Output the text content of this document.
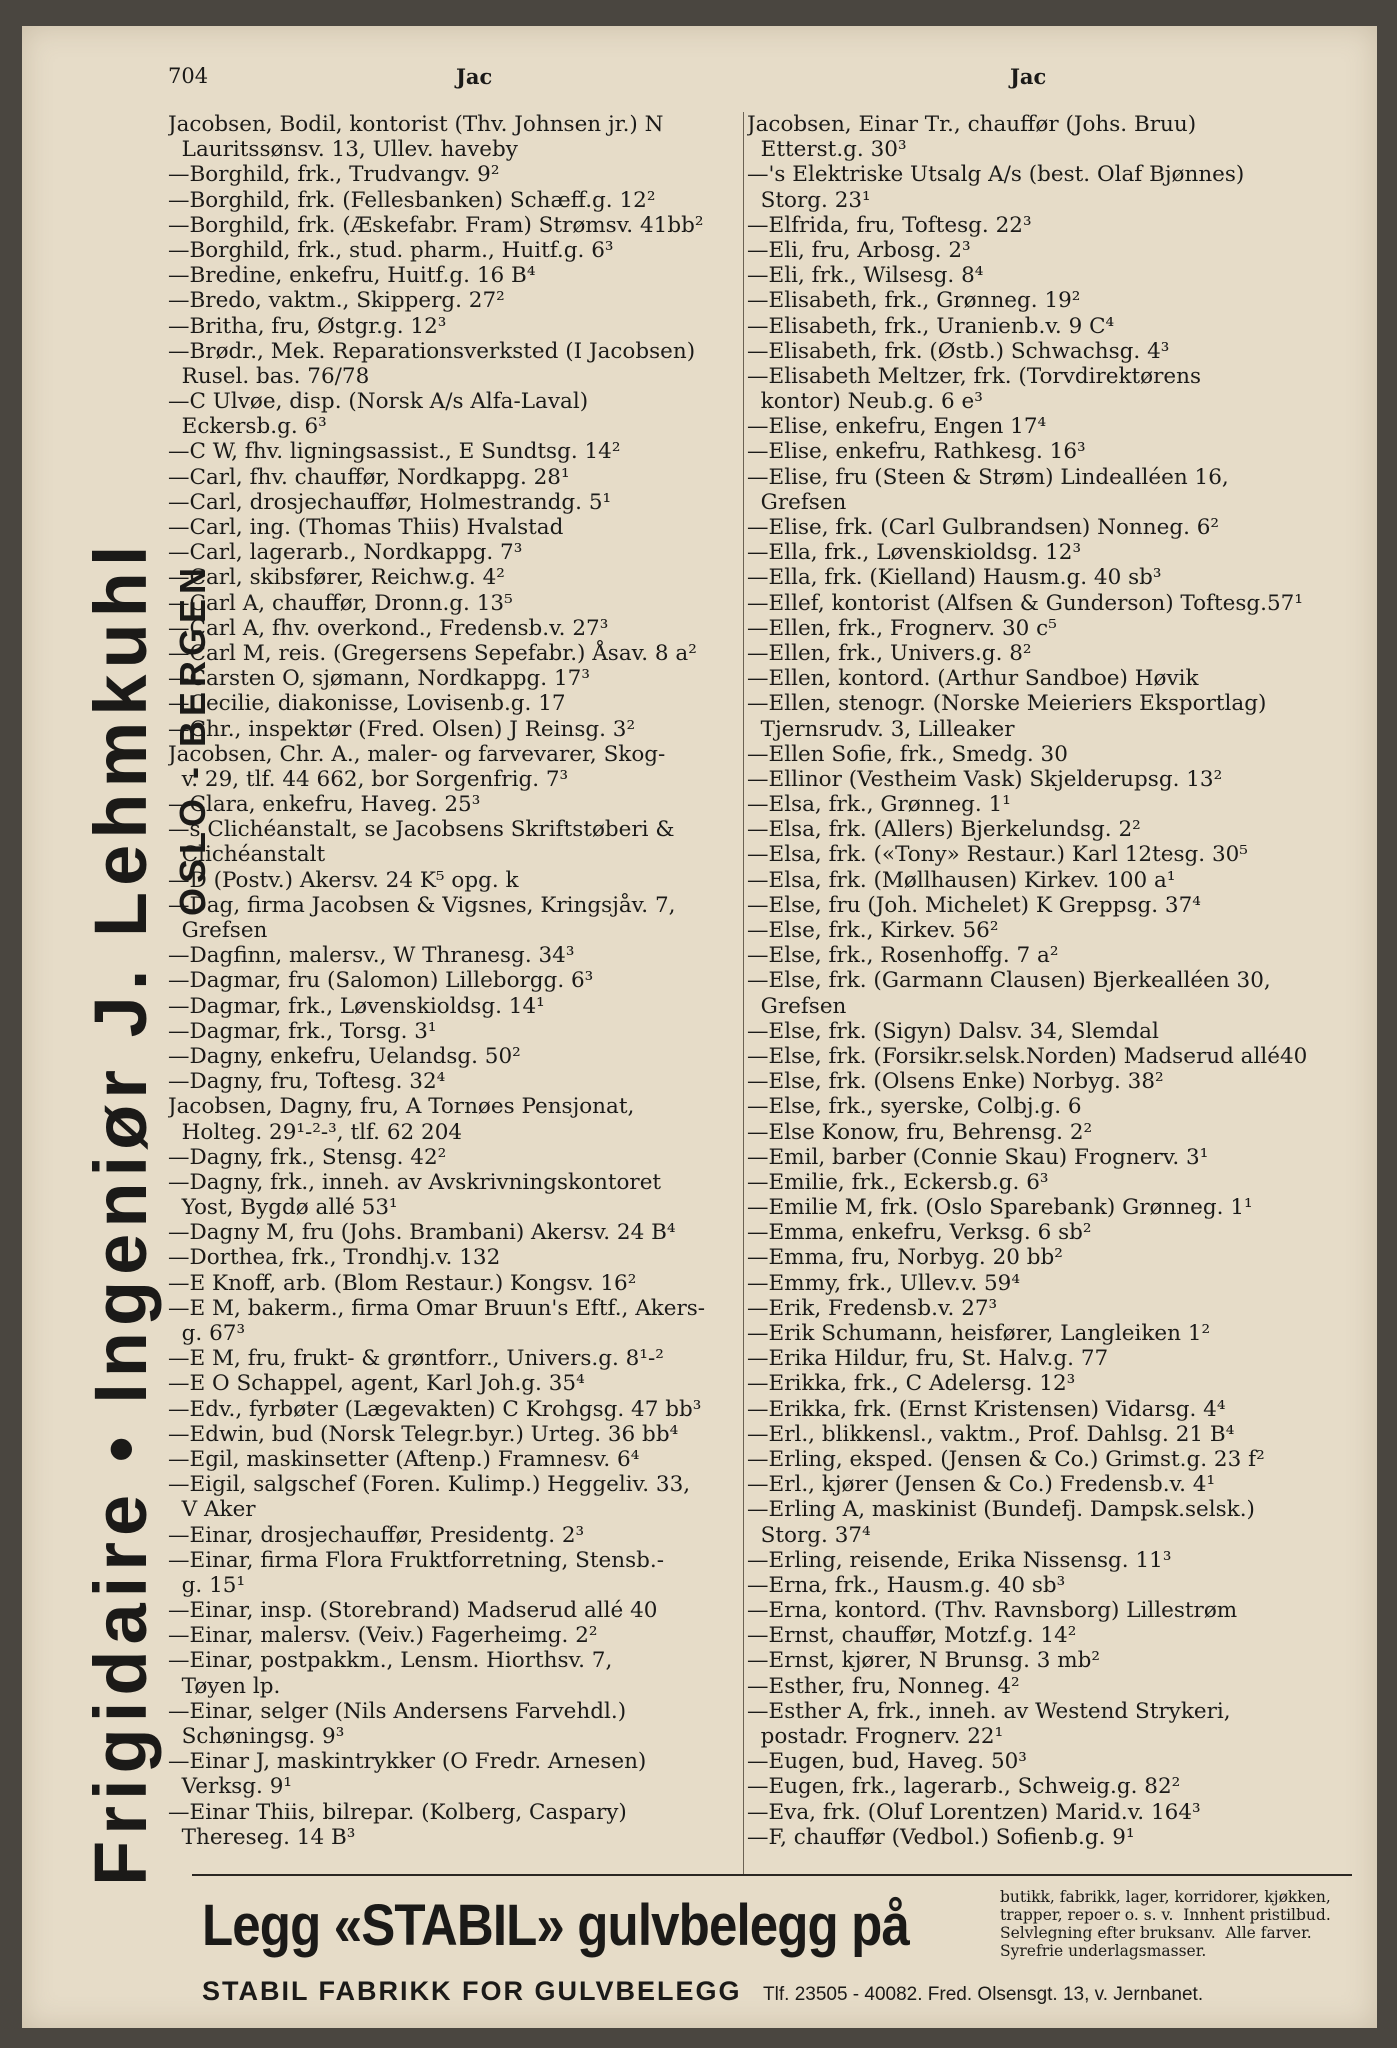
Frigidaire • Ingeniør J. Lehmkuhl OSLO - BERGEN
704	Jac	Jac
Jacobsen, Bodil, kontorist (Thv. Johnsen jr.) N
Lauritssønsv. 13, Ullev. haveby
—Borghild, frk., Trudvangv. 9²
—Borghild, frk. (Fellesbanken) Schæff.g. 12²
—Borghild, frk. (Æskefabr. Fram) Strømsv. 41bb²
—Borghild, frk., stud. pharm., Huitf.g. 6³
—Bredine, enkefru, Huitf.g. 16 B⁴
—Bredo, vaktm., Skipperg. 27²
—Britha, fru, Østgr.g. 12³
—Brødr., Mek. Reparationsverksted (I Jacobsen)
Rusel. bas. 76/78
—C Ulvøe, disp. (Norsk A/s Alfa-Laval)
Eckersb.g. 6³
—C W, fhv. ligningsassist., E Sundtsg. 14²
—Carl, fhv. chauffør, Nordkappg. 28¹
—Carl, drosjechauffør, Holmestrandg. 5¹
—Carl, ing. (Thomas Thiis) Hvalstad
—Carl, lagerarb., Nordkappg. 7³
—Carl, skibsfører, Reichw.g. 4²
—Carl A, chauffør, Dronn.g. 13⁵
—Carl A, fhv. overkond., Fredensb.v. 27³
—Carl M, reis. (Gregersens Sepefabr.) Åsav. 8 a²
—Carsten O, sjømann, Nordkappg. 17³
—Cecilie, diakonisse, Lovisenb.g. 17
—Chr., inspektør (Fred. Olsen) J Reinsg. 3²
Jacobsen, Chr. A., maler- og farvevarer, Skog-
v. 29, tlf. 44 662, bor Sorgenfrig. 7³
—Clara, enkefru, Haveg. 25³
—s Clichéanstalt, se Jacobsens Skriftstøberi &
Clichéanstalt
—D (Postv.) Akersv. 24 K⁵ opg. k
—Dag, firma Jacobsen & Vigsnes, Kringsjåv. 7,
Grefsen
—Dagfinn, malersv., W Thranesg. 34³
—Dagmar, fru (Salomon) Lilleborgg. 6³
—Dagmar, frk., Løvenskioldsg. 14¹
—Dagmar, frk., Torsg. 3¹
—Dagny, enkefru, Uelandsg. 50²
—Dagny, fru, Toftesg. 32⁴
Jacobsen, Dagny, fru, A Tornøes Pensjonat,
Holteg. 29¹-²-³, tlf. 62 204
—Dagny, frk., Stensg. 42²
—Dagny, frk., inneh. av Avskrivningskontoret
Yost, Bygdø allé 53¹
—Dagny M, fru (Johs. Brambani) Akersv. 24 B⁴
—Dorthea, frk., Trondhj.v. 132
—E Knoff, arb. (Blom Restaur.) Kongsv. 16²
—E M, bakerm., firma Omar Bruun's Eftf., Akers-
g. 67³
—E M, fru, frukt- & grøntforr., Univers.g. 8¹-²
—E O Schappel, agent, Karl Joh.g. 35⁴
—Edv., fyrbøter (Lægevakten) C Krohgsg. 47 bb³
—Edwin, bud (Norsk Telegr.byr.) Urteg. 36 bb⁴
—Egil, maskinsetter (Aftenp.) Framnesv. 6⁴
—Eigil, salgschef (Foren. Kulimp.) Heggeliv. 33,
V Aker
—Einar, drosjechauffør, Presidentg. 2³
—Einar, firma Flora Fruktforretning, Stensb.-
g. 15¹
—Einar, insp. (Storebrand) Madserud allé 40
—Einar, malersv. (Veiv.) Fagerheimg. 2²
—Einar, postpakkm., Lensm. Hiorthsv. 7,
Tøyen lp.
—Einar, selger (Nils Andersens Farvehdl.)
Schøningsg. 9³
—Einar J, maskintrykker (O Fredr. Arnesen)
Verksg. 9¹
—Einar Thiis, bilrepar. (Kolberg, Caspary)
Thereseg. 14 B³
Jacobsen, Einar Tr., chauffør (Johs. Bruu)
Etterst.g. 30³
—'s Elektriske Utsalg A/s (best. Olaf Bjønnes)
Storg. 23¹
—Elfrida, fru, Toftesg. 22³
—Eli, fru, Arbosg. 2³
—Eli, frk., Wilsesg. 8⁴
—Elisabeth, frk., Grønneg. 19²
—Elisabeth, frk., Uranienb.v. 9 C⁴
—Elisabeth, frk. (Østb.) Schwachsg. 4³
—Elisabeth Meltzer, frk. (Torvdirektørens
kontor) Neub.g. 6 e³
—Elise, enkefru, Engen 17⁴
—Elise, enkefru, Rathkesg. 16³
—Elise, fru (Steen & Strøm) Lindealléen 16,
Grefsen
—Elise, frk. (Carl Gulbrandsen) Nonneg. 6²
—Ella, frk., Løvenskioldsg. 12³
—Ella, frk. (Kielland) Hausm.g. 40 sb³
—Ellef, kontorist (Alfsen & Gunderson) Toftesg.57¹
—Ellen, frk., Frognerv. 30 c⁵
—Ellen, frk., Univers.g. 8²
—Ellen, kontord. (Arthur Sandboe) Høvik
—Ellen, stenogr. (Norske Meieriers Eksportlag)
Tjernsrudv. 3, Lilleaker
—Ellen Sofie, frk., Smedg. 30
—Ellinor (Vestheim Vask) Skjelderupsg. 13²
—Elsa, frk., Grønneg. 1¹
—Elsa, frk. (Allers) Bjerkelundsg. 2²
—Elsa, frk. («Tony» Restaur.) Karl 12tesg. 30⁵
—Elsa, frk. (Møllhausen) Kirkev. 100 a¹
—Else, fru (Joh. Michelet) K Greppsg. 37⁴
—Else, frk., Kirkev. 56²
—Else, frk., Rosenhoffg. 7 a²
—Else, frk. (Garmann Clausen) Bjerkealléen 30,
Grefsen
—Else, frk. (Sigyn) Dalsv. 34, Slemdal
—Else, frk. (Forsikr.selsk.Norden) Madserud allé40
—Else, frk. (Olsens Enke) Norbyg. 38²
—Else, frk., syerske, Colbj.g. 6
—Else Konow, fru, Behrensg. 2²
—Emil, barber (Connie Skau) Frognerv. 3¹
—Emilie, frk., Eckersb.g. 6³
—Emilie M, frk. (Oslo Sparebank) Grønneg. 1¹
—Emma, enkefru, Verksg. 6 sb²
—Emma, fru, Norbyg. 20 bb²
—Emmy, frk., Ullev.v. 59⁴
—Erik, Fredensb.v. 27³
—Erik Schumann, heisfører, Langleiken 1²
—Erika Hildur, fru, St. Halv.g. 77
—Erikka, frk., C Adelersg. 12³
—Erikka, frk. (Ernst Kristensen) Vidarsg. 4⁴
—Erl., blikkensl., vaktm., Prof. Dahlsg. 21 B⁴
—Erling, eksped. (Jensen & Co.) Grimst.g. 23 f²
—Erl., kjører (Jensen & Co.) Fredensb.v. 4¹
—Erling A, maskinist (Bundefj. Dampsk.selsk.)
Storg. 37⁴
—Erling, reisende, Erika Nissensg. 11³
—Erna, frk., Hausm.g. 40 sb³
—Erna, kontord. (Thv. Ravnsborg) Lillestrøm
—Ernst, chauffør, Motzf.g. 14²
—Ernst, kjører, N Brunsg. 3 mb²
—Esther, fru, Nonneg. 4²
—Esther A, frk., inneh. av Westend Strykeri,
postadr. Frognerv. 22¹
—Eugen, bud, Haveg. 50³
—Eugen, frk., lagerarb., Schweig.g. 82²
—Eva, frk. (Oluf Lorentzen) Marid.v. 164³
—F, chauffør (Vedbol.) Sofienb.g. 9¹
Legg «STABIL» gulvbelegg på	butikk, fabrikk, lager, korridorer, kjøkken,
trapper, repoer o. s. v.  Innhent pristilbud.
Selvlegning efter bruksanv.  Alle farver.
Syrefrie underlagsmasser.
STABIL FABRIKK FOR GULVBELEGG Tlf. 23505 - 40082. Fred. Olsensgt. 13, v. Jernbanet.
